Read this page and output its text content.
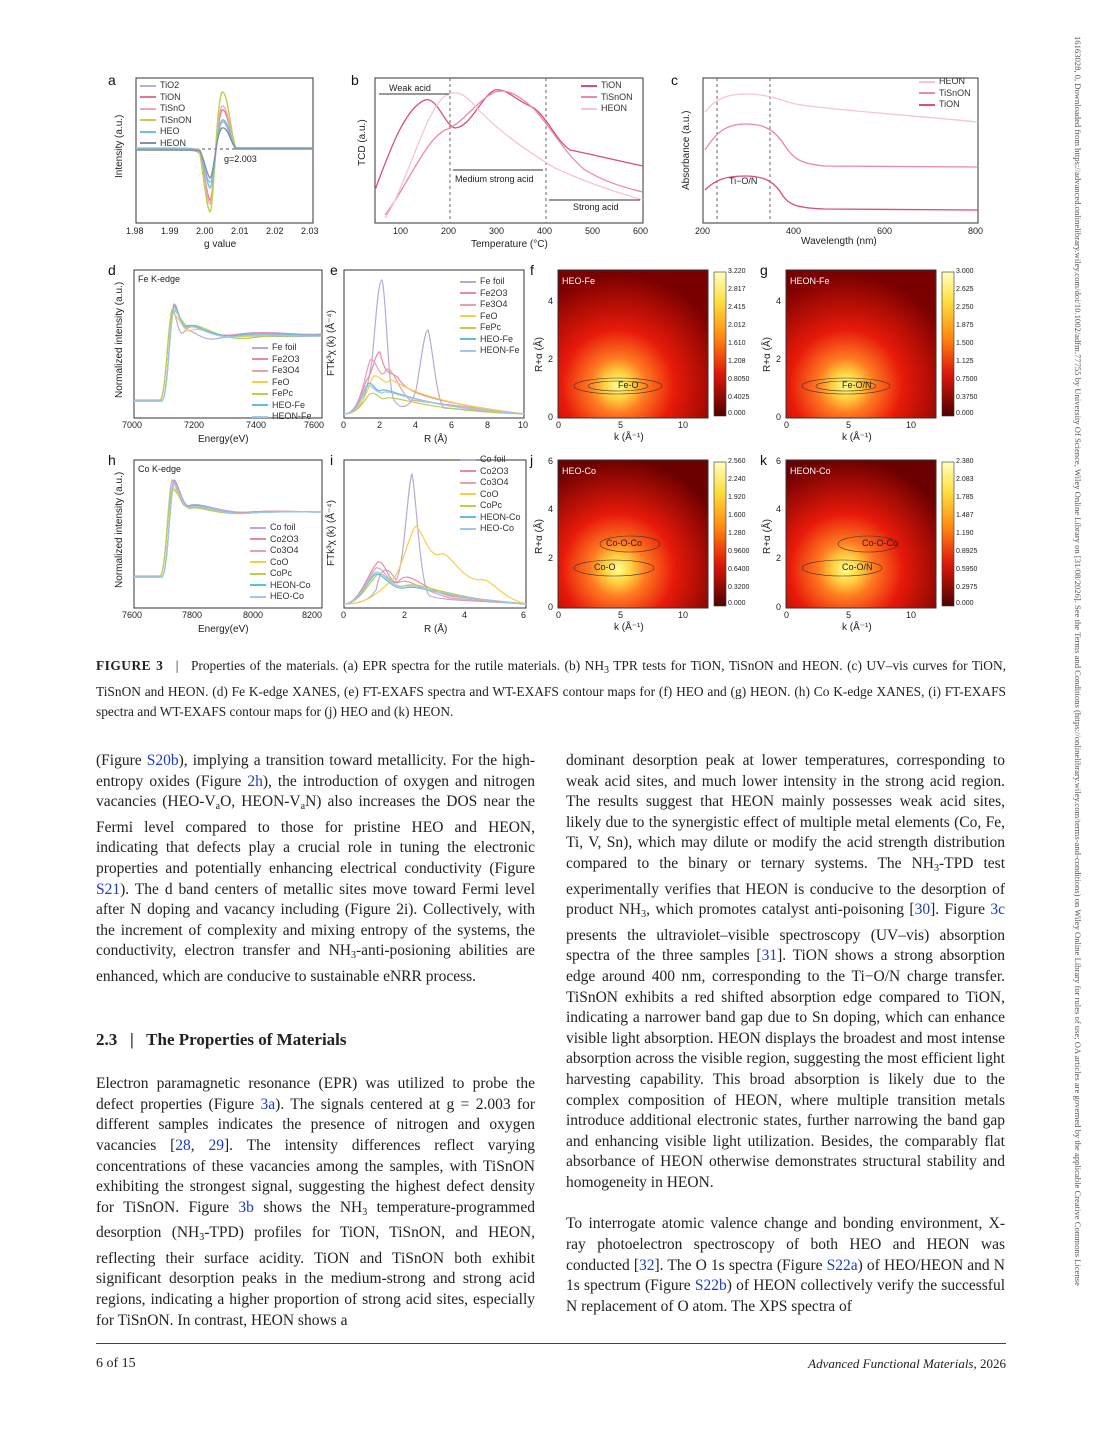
16163028, 0, Downloaded from https://advanced.onlinelibrary.wiley.com/doi/10.1002/adfm.77755 by University Of Science, Wiley Online Library on [31/08/2026]. See the Terms and Conditions (https://onlinelibrary.wiley.com/terms-and-conditions) on Wiley Online Library for rules of use; OA articles are governed by the applicable Creative Commons License
a	TiO2
TiON
TiSnO
TiSnON
HEO
HEON
g=2.003
1.98 1.99 2.00 2.01 2.02 2.03
g value
Intensity (a.u.)
b	Weak acid
Medium strong acid
Strong acid
TiON
TiSnON
HEON
100	200	300	400	500	600
Temperature (°C)
TCD (a.u.)
c
Ti−O/N
HEON
TiSnON
TiON
200	400	600	800
Wavelength (nm)
Absorbance (a.u.)
d
Fe K-edge
Fe foil
Fe2O3
Fe3O4
FeO
FePc
HEO-Fe
HEON-Fe
7000	7200	7400	7600
Energy(eV)
Normalized intensity (a.u.)
e
Fe foil
Fe2O3
Fe3O4
FeO
FePc
HEO-Fe
HEON-Fe
0	2	4	6	8	10
R (Å)
FTk³χ (k) (Å⁻⁴)
f
HEO-Fe
Fe-O
3.220
2.817
2.415
2.012
1.610
1.208
0.8050
0.4025
0.000
4
2
0
0	5	10
k (Å⁻¹)
R+α (Å)
g
HEON-Fe
Fe-O/N
3.000
2.625
2.250
1.875
1.500
1.125
0.7500
0.3750
0.000
4
2
0
0	5	10
k (Å⁻¹)
R+α (Å)
h
Co K-edge
Co foil
Co2O3
Co3O4
CoO
CoPc
HEON-Co
HEO-Co
7600	7800	8000	8200
Energy(eV)
Normalized intensity (a.u.)
i	Co foil
Co2O3
Co3O4
CoO
CoPc
HEON-Co
HEO-Co
0	2	4	6
R (Å)
FTk³χ (k) (Å⁻⁴)
j
HEO-Co
Co-O-Co
Co-O
2.560
2.240
1.920
1.600
1.280
0.9600
0.6400
0.3200
0.000
6
4
2
0
0	5	10
k (Å⁻¹)
R+α (Å)
k
HEON-Co
Co-O-Co
Co-O/N
2.380
2.083
1.785
1.487
1.190
0.8925
0.5950
0.2975
0.000
6
4
2
0
0	5	10
k (Å⁻¹)
R+α (Å)
FIGURE 3 | Properties of the materials. (a) EPR spectra for the rutile materials. (b) $NH_3$ TPR tests for TiON, TiSnON and HEON. (c) UV–vis curves for TiON, TiSnON and HEON. (d) Fe K-edge XANES, (e) FT-EXAFS spectra and WT-EXAFS contour maps for (f) HEO and (g) HEON. (h) Co K-edge XANES, (i) FT-EXAFS spectra and WT-EXAFS contour maps for (j) HEO and (k) HEON.

(Figure S20b), implying a transition toward metallicity. For the high-entropy oxides (Figure 2h), the introduction of oxygen and nitrogen vacancies ($HEO-V_aO$, HEON-$V_aN$) also increases the DOS near the Fermi level compared to those for pristine HEO and HEON, indicating that defects play a crucial role in tuning the electronic properties and potentially enhancing electrical conductivity (Figure S21). The d band centers of metallic sites move toward Fermi level after N doping and vacancy including (Figure 2i). Collectively, with the increment of complexity and mixing entropy of the systems, the conductivity, electron transfer and $NH_3-anti$-posioning abilities are enhanced, which are conducive to sustainable eNRR process.

2.3   |   The Properties of Materials

Electron paramagnetic resonance (EPR) was utilized to probe the defect properties (Figure 3a). The signals centered at g = 2.003 for different samples indicates the presence of nitrogen and oxygen vacancies [28, 29]. The intensity differences reflect varying concentrations of these vacancies among the samples, with TiSnON exhibiting the strongest signal, suggesting the highest defect density for TiSnON. Figure 3b shows the $NH_3$ temperature-programmed desorption $(NH_3-TPD)$ profiles for TiON, TiSnON, and HEON, reflecting their surface acidity. TiON and TiSnON both exhibit significant desorption peaks in the medium-strong and strong acid regions, indicating a higher proportion of strong acid sites, especially for TiSnON. In contrast, HEON shows a

dominant desorption peak at lower temperatures, corresponding to weak acid sites, and much lower intensity in the strong acid region. The results suggest that HEON mainly possesses weak acid sites, likely due to the synergistic effect of multiple metal elements (Co, Fe, Ti, V, Sn), which may dilute or modify the acid strength distribution compared to the binary or ternary systems. The $NH_3$-TPD test experimentally verifies that HEON is conducive to the desorption of product $NH_3$, which promotes catalyst anti-poisoning [30]. Figure 3c presents the ultraviolet–visible spectroscopy (UV–vis) absorption spectra of the three samples [31]. TiON shows a strong absorption edge around 400 nm, corresponding to the Ti−O/N charge transfer. TiSnON exhibits a red shifted absorption edge compared to TiON, indicating a narrower band gap due to Sn doping, which can enhance visible light absorption. HEON displays the broadest and most intense absorption across the visible region, suggesting the most efficient light harvesting capability. This broad absorption is likely due to the complex composition of HEON, where multiple transition metals introduce additional electronic states, further narrowing the band gap and enhancing visible light utilization. Besides, the comparably flat absorbance of HEON otherwise demonstrates structural stability and homogeneity in HEON.

To interrogate atomic valence change and bonding environment, X-ray photoelectron spectroscopy of both HEO and HEON was conducted [32]. The O 1s spectra (Figure S22a) of HEO/HEON and N 1s spectrum (Figure S22b) of HEON collectively verify the successful N replacement of O atom. The XPS spectra of

6 of 15	Advanced Functional Materials, 2026
